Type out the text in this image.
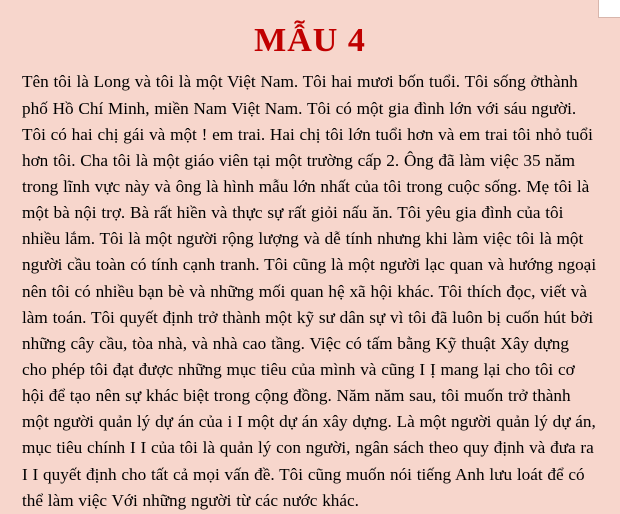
MẪU 4

Tên tôi là Long và tôi là một Việt Nam. Tôi hai mươi bốn tuổi. Tôi sống ởthành phố Hồ Chí Minh, miền Nam Việt Nam. Tôi có một gia đình lớn với sáu người. Tôi có hai chị gái và một ! em trai. Hai chị tôi lớn tuổi hơn và em trai tôi nhỏ tuổi hơn tôi. Cha tôi là một giáo viên tại một trường cấp 2. Ông đã làm việc 35 năm trong lĩnh vực này và ông là hình mẫu lớn nhất của tôi trong cuộc sống. Mẹ tôi là một bà nội trợ. Bà rất hiền và thực sự rất giỏi nấu ăn. Tôi yêu gia đình của tôi nhiều lắm. Tôi là một người rộng lượng và dễ tính nhưng khi làm việc tôi là một người cầu toàn có tính cạnh tranh. Tôi cũng là một người lạc quan và hướng ngoại nên tôi có nhiều bạn bè và những mối quan hệ xã hội khác. Tôi thích đọc, viết và làm toán. Tôi quyết định trở thành một kỹ sư dân sự vì tôi đã luôn bị cuốn hút bởi những cây cầu, tòa nhà, và nhà cao tầng. Việc có tấm bằng Kỹ thuật Xây dựng cho phép tôi đạt được những mục tiêu của mình và cũng I Ị mang lại cho tôi cơ hội để tạo nên sự khác biệt trong cộng đồng. Năm năm sau, tôi muốn trở thành một người quản lý dự án của i I một dự án xây dựng. Là một người quản lý dự án, mục tiêu chính I I của tôi là quản lý con người, ngân sách theo quy định và đưa ra I I quyết định cho tất cả mọi vấn đề. Tôi cũng muốn nói tiếng Anh lưu loát để có thể làm việc Với những người từ các nước khác.
